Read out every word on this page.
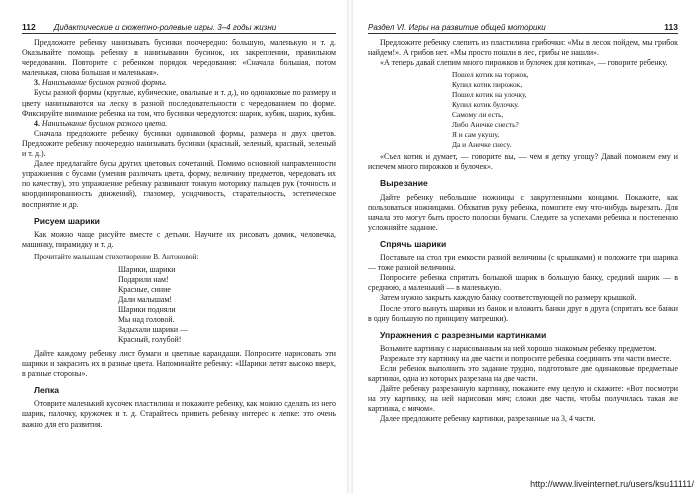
112 Дидактические и сюжетно-ролевые игры. 3–4 годы жизни

Предложите ребенку нанизывать бусинки поочередно: большую, маленькую и т. д. Оказывайте помощь ребенку в нанизывании бусинок, их закреплении, правильном чередовании. Повторите с ребенком порядок чередования: «Сначала большая, потом маленькая, снова большая и маленькая».

3. Нанизывание бусинок разной формы.

Бусы разной формы (круглые, кубические, овальные и т. д.), но одинаковые по размеру и цвету нанизываются на леску в разной последовательности с чередованием по форме. Фиксируйте внимание ребенка на том, что бусинки чередуются: шарик, кубик, шарик, кубик.

4. Нанизывание бусинок разного цвета.

Сначала предложите ребенку бусинки одинаковой формы, размера и двух цветов. Предложите ребенку поочередно нанизывать бусинки (красный, зеленый, красный, зеленый и т. д.).

Далее предлагайте бусы других цветовых сочетаний. Помимо основной направленности упражнения с бусами (умения различать цвета, форму, величину предметов, чередовать их по качеству), это упражнение ребенку развивают тонкую моторику пальцев рук (точность и координированность движений), глазомер, усидчивость, старательность, эстетическое восприятие и др.

Рисуем шарики

Как можно чаще рисуйте вместе с детьми. Научите их рисовать домик, человечка, машинку, пирамидку и т. д.

Прочитайте малышам стихотворение В. Антоновой:

Шарики, шарики
Подарили нам!
Красные, синие
Дали малышам!
Шарики подняли
Мы над головой.
Задыхали шарики —
Красный, голубой!

Дайте каждому ребенку лист бумаги и цветные карандаши. Попросите нарисовать эти шарики и закрасить их в разные цвета. Напоминайте ребенку: «Шарики летят высоко вверх, в разные стороны».

Лепка

Отоврите маленький кусочек пластилина и покажите ребенку, как можно сделать из него шарик, палочку, кружочек и т. д. Старайтесь привить ребенку интерес к лепке: это очень важно для его развития.

Раздел VI. Игры на развитие общей моторики	113

Предложите ребенку слепить из пластилина грибочки: «Мы в лесок пойдем, мы грибок найдем!». А грибов нет. «Мы просто пошли в лес, грибы не нашли».

«А теперь давай слепим много пирожков и булочек для котика», — говорите ребенку.

Пошел котик на торжок,
Купил котик пирожок,
Пошел котик на улочку,
Купил котик булочку.
Самому ли есть,
Либо Анечке снесть?
Я и сам укушу,
Да и Анечке снесу.

«Съел котик и думает, — говорите вы, — чем я детку угощу? Давай поможем ему и испечем много пирожков и булочек».

Вырезание

Дайте ребенку небольшие ножницы с закругленными концами. Покажите, как пользоваться ножницами. Обхватив руку ребенка, помогите ему что-нибудь вырезать. Для начала это могут быть просто полоски бумаги. Следите за успехами ребенка и постепенно усложняйте задание.

Спрячь шарики

Поставьте на стол три емкости разной величины (с крышками) и положите три шарика — тоже разной величины.

Попросите ребенка спрятать большой шарик в большую банку, средний шарик — в среднюю, а маленький — в маленькую.

Затем нужно закрыть каждую банку соответствующей по размеру крышкой.

После этого вынуть шарики из банок и вложить банки друг в друга (спрятать все банки в одну большую по принципу матрешки).

Упражнения с разрезными картинками

Возьмите картинку с нарисованным на ней хорошо знакомым ребенку предметом.

Разрежьте эту картинку на две части и попросите ребенка соединить эти части вместе.

Если ребенок выполнить это задание трудно, подготовьте две одинаковые предметные картинки, одна из которых разрезана на две части.

Дайте ребенку разрезанную картинку, покажите ему целую и скажите: «Вот посмотри на эту картинку, на ней нарисован мяч; сложи две части, чтобы получилась такая же картинка, с мячом».

Далее предложите ребенку картинки, разрезанные на 3, 4 части.

http://www.liveinternet.ru/users/ksu11111/
